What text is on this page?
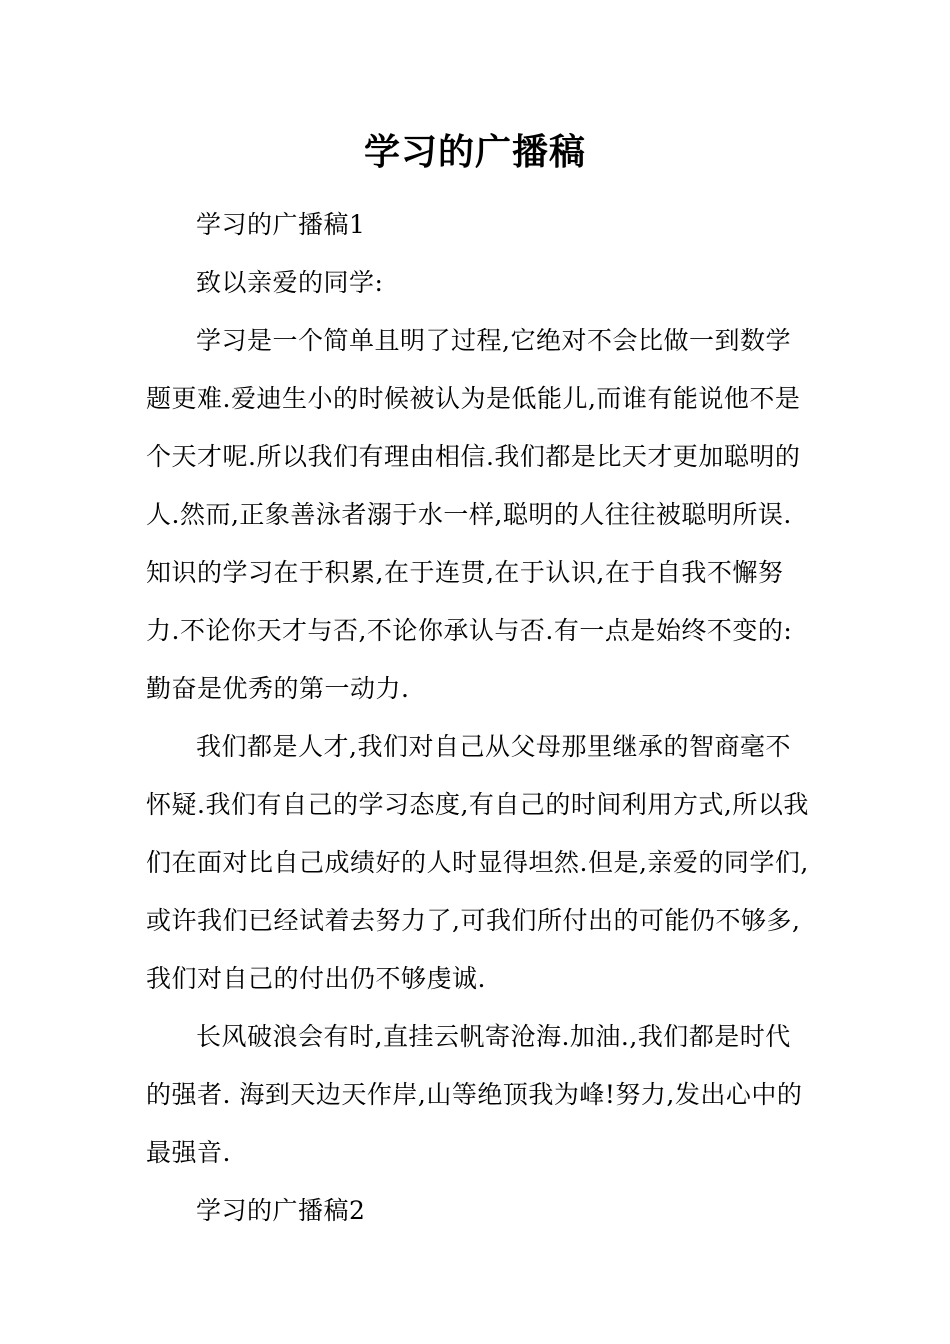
学习的广播稿

学习的广播稿1

致以亲爱的同学:

学习是一个简单且明了过程,它绝对不会比做一到数学题更难.爱迪生小的时候被认为是低能儿,而谁有能说他不是个天才呢.所以我们有理由相信.我们都是比天才更加聪明的人.然而,正象善泳者溺于水一样,聪明的人往往被聪明所误.知识的学习在于积累,在于连贯,在于认识,在于自我不懈努力.不论你天才与否,不论你承认与否.有一点是始终不变的:勤奋是优秀的第一动力.

我们都是人才,我们对自己从父母那里继承的智商毫不怀疑.我们有自己的学习态度,有自己的时间利用方式,所以我们在面对比自己成绩好的人时显得坦然.但是,亲爱的同学们,或许我们已经试着去努力了,可我们所付出的可能仍不够多,我们对自己的付出仍不够虔诚.

长风破浪会有时,直挂云帆寄沧海.加油.,我们都是时代的强者. 海到天边天作岸,山等绝顶我为峰!努力,发出心中的最强音.

学习的广播稿2
